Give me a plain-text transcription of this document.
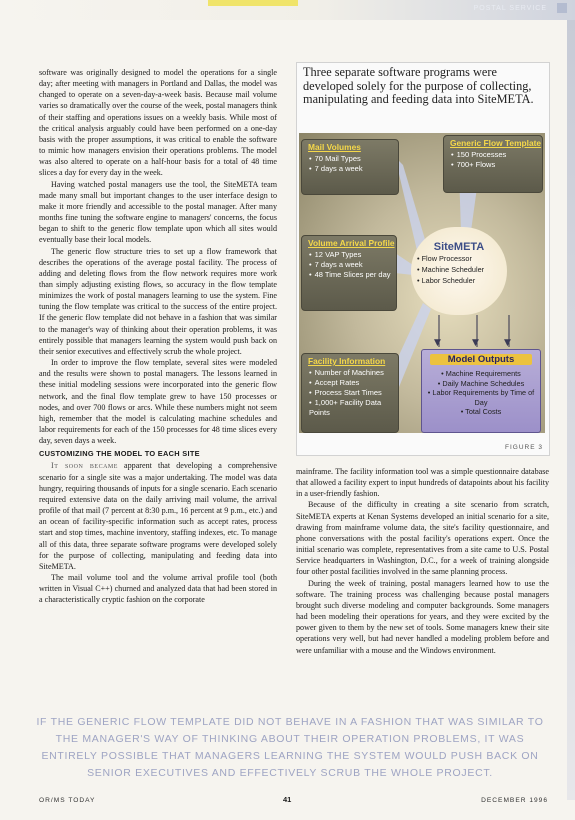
POSTAL SERVICE

software was originally designed to model the operations for a single day; after meeting with managers in Portland and Dallas, the model was changed to operate on a seven-day-a-week basis. Because mail volume varies so dramatically over the course of the week, postal managers think of their staffing and operations issues on a weekly basis. While most of the critical analysis arguably could have been performed on a one-day basis with the proper assumptions, it was critical to enable the software to mimic how managers envision their operations problems. The model was also altered to operate on a half-hour basis for a total of 48 time slices a day for every day in the week.

Having watched postal managers use the tool, the SiteMETA team made many small but important changes to the user interface design to make it more friendly and accessible to the postal manager. After many months fine tuning the software engine to managers' concerns, the focus began to shift to the generic flow template upon which all sites would eventually base their local models.

The generic flow structure tries to set up a flow framework that describes the operations of the average postal facility. The process of adding and deleting flows from the flow network requires more work than simply adjusting existing flows, so accuracy in the flow template minimizes the work of postal managers learning to use the system. Fine tuning the flow template was critical to the success of the entire project. If the generic flow template did not behave in a fashion that was similar to the manager's way of thinking about their operation problems, it was entirely possible that managers learning the system would push back on their senior executives and effectively scrub the whole project.

In order to improve the flow template, several sites were modeled and the results were shown to postal managers. The lessons learned in these initial modeling sessions were incorporated into the generic flow network, and the final flow template grew to have 150 processes or nodes, and over 700 flows or arcs. While these numbers might not seem high, remember that the model is calculating machine schedules and labor requirements for each of the 150 processes for 48 time slices every day, seven days a week.

CUSTOMIZING THE MODEL TO EACH SITE

It soon became apparent that developing a comprehensive scenario for a single site was a major undertaking. The model was data hungry, requiring thousands of inputs for a single scenario. Each scenario required extensive data on the daily arriving mail volume, the arrival profile of that mail (7 percent at 8:30 p.m., 16 percent at 9 p.m., etc.) and an ocean of facility-specific information such as accept rates, process start and stop times, machine inventory, staffing indexes, etc. To manage all of this data, three separate software programs were developed solely for the purpose of collecting, manipulating and feeding data into SiteMETA.

The mail volume tool and the volume arrival profile tool (both written in Visual C++) churned and analyzed data that had been stored in a characteristically cryptic fashion on the corporate

Three separate software programs were developed solely for the purpose of collecting, manipulating and feeding data into SiteMETA.
▼	▼	▼
Mail Volumes
• 70 Mail Types
• 7 days a week
Generic Flow Template
• 150 Processes
• 700+ Flows
Volume Arrival Profile
• 12 VAP Types
• 7 days a week
• 48 Time Slices per day
SiteMETA
• Flow Processor
• Machine Scheduler
• Labor Scheduler
Facility Information
• Number of Machines
• Accept Rates
• Process Start Times
• 1,000+ Facility Data Points
Model Outputs
• Machine Requirements
• Daily Machine Schedules
• Labor Requirements by Time of Day
• Total Costs
FIGURE 3

mainframe. The facility information tool was a simple questionnaire database that allowed a facility expert to input hundreds of datapoints about his facility in a user-friendly fashion.

Because of the difficulty in creating a site scenario from scratch, SiteMETA experts at Kenan Systems developed an initial scenario for a site, drawing from mainframe volume data, the site's facility questionnaire, and phone conversations with the postal facility's operations expert. Once the initial scenario was complete, representatives from a site came to U.S. Postal Service headquarters in Washington, D.C., for a week of training alongside four other postal facilities involved in the same planning process.

During the week of training, postal managers learned how to use the software. The training process was challenging because postal managers brought such diverse modeling and computer backgrounds. Some managers had been modeling their operations for years, and they were excited by the power given to them by the new set of tools. Some managers knew their site operations very well, but had never handled a modeling problem before and were unfamiliar with a mouse and the Windows environment.

IF THE GENERIC FLOW TEMPLATE DID NOT BEHAVE IN A FASHION THAT WAS SIMILAR TO THE MANAGER'S WAY OF THINKING ABOUT THEIR OPERATION PROBLEMS, IT WAS ENTIRELY POSSIBLE THAT MANAGERS LEARNING THE SYSTEM WOULD PUSH BACK ON SENIOR EXECUTIVES AND EFFECTIVELY SCRUB THE WHOLE PROJECT.
OR/MS TODAY	41	DECEMBER 1996
